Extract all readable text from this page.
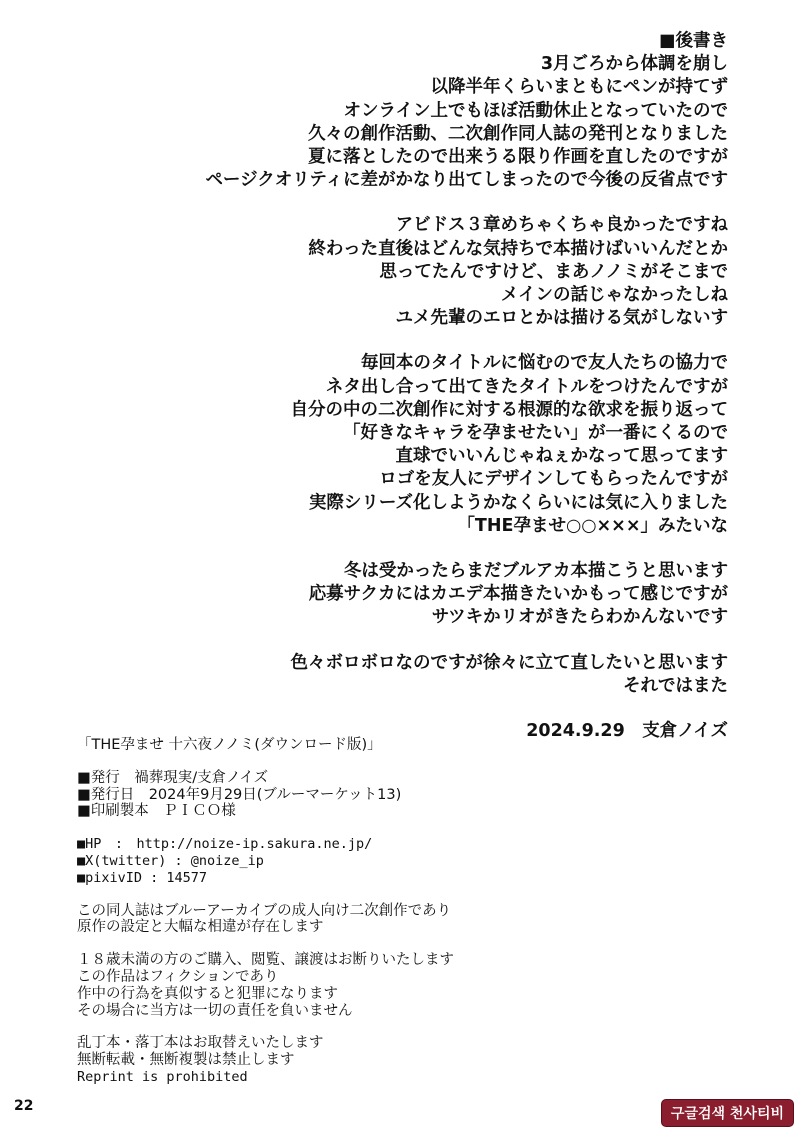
■後書き
3月ごろから体調を崩し
以降半年くらいまともにペンが持てず
オンライン上でもほぼ活動休止となっていたので
久々の創作活動、二次創作同人誌の発刊となりました
夏に落としたので出来うる限り作画を直したのですが
ページクオリティに差がかなり出てしまったので今後の反省点です
アビドス３章めちゃくちゃ良かったですね
終わった直後はどんな気持ちで本描けばいいんだとか
思ってたんですけど、まあノノミがそこまで
メインの話じゃなかったしね
ユメ先輩のエロとかは描ける気がしないす
毎回本のタイトルに悩むので友人たちの協力で
ネタ出し合って出てきたタイトルをつけたんですが
自分の中の二次創作に対する根源的な欲求を振り返って
「好きなキャラを孕ませたい」が一番にくるので
直球でいいんじゃねぇかなって思ってます
ロゴを友人にデザインしてもらったんですが
実際シリーズ化しようかなくらいには気に入りました
「THE孕ませ○○×××」みたいな
冬は受かったらまだブルアカ本描こうと思います
応募サクカにはカエデ本描きたいかもって感じですが
サツキかリオがきたらわかんないです
色々ボロボロなのですが徐々に立て直したいと思います
それではまた
2024.9.29　支倉ノイズ
「THE孕ませ 十六夜ノノミ(ダウンロード版)」
■発行　禍葬現実/支倉ノイズ
■発行日　2024年9月29日(ブルーマーケット13)
■印刷製本　ＰＩＣＯ様
■HP　:　http://noize-ip.sakura.ne.jp/
■X(twitter) : @noize_ip
■pixivID : 14577
この同人誌はブルーアーカイブの成人向け二次創作であり
原作の設定と大幅な相違が存在します
１８歳未満の方のご購入、閲覧、譲渡はお断りいたします
この作品はフィクションであり
作中の行為を真似すると犯罪になります
その場合に当方は一切の責任を負いません
乱丁本・落丁本はお取替えいたします
無断転載・無断複製は禁止します
Reprint is prohibited
22	구글검색 천사티비
